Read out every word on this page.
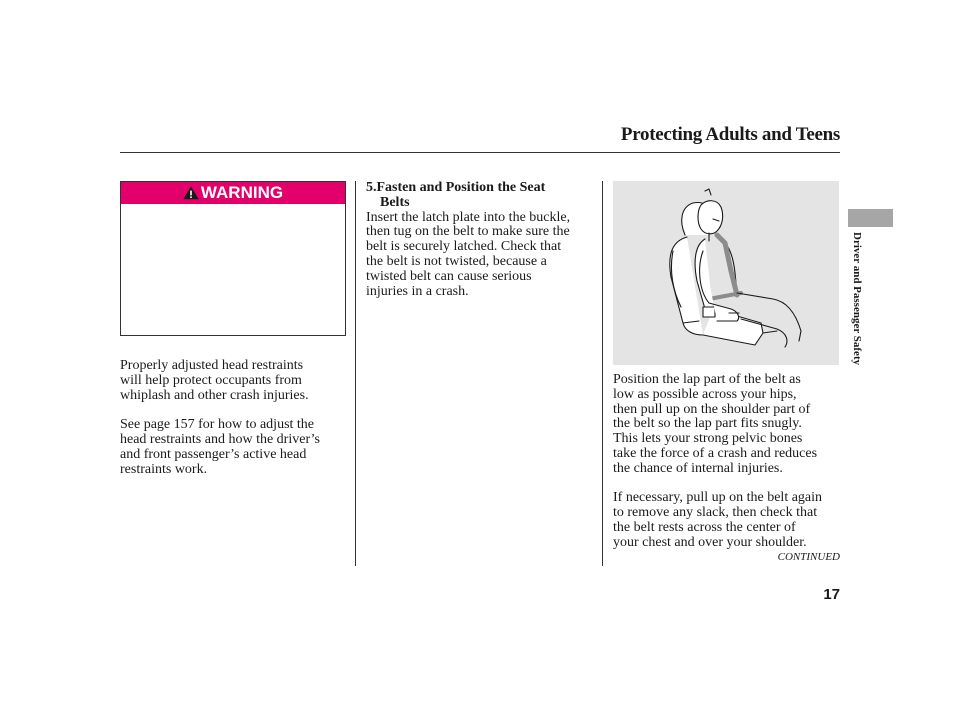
Protecting Adults and Teens
WARNING

Properly adjusted head restraints
will help protect occupants from
whiplash and other crash injuries.

See page 157 for how to adjust the
head restraints and how the driver’s
and front passenger’s active head
restraints work.

5.Fasten and Position the Seat
Belts

Insert the latch plate into the buckle,
then tug on the belt to make sure the
belt is securely latched. Check that
the belt is not twisted, because a
twisted belt can cause serious
injuries in a crash.

Position the lap part of the belt as
low as possible across your hips,
then pull up on the shoulder part of
the belt so the lap part fits snugly.
This lets your strong pelvic bones
take the force of a crash and reduces
the chance of internal injuries.

If necessary, pull up on the belt again
to remove any slack, then check that
the belt rests across the center of
your chest and over your shoulder.

CONTINUED
17
Driver and Passenger Safety
